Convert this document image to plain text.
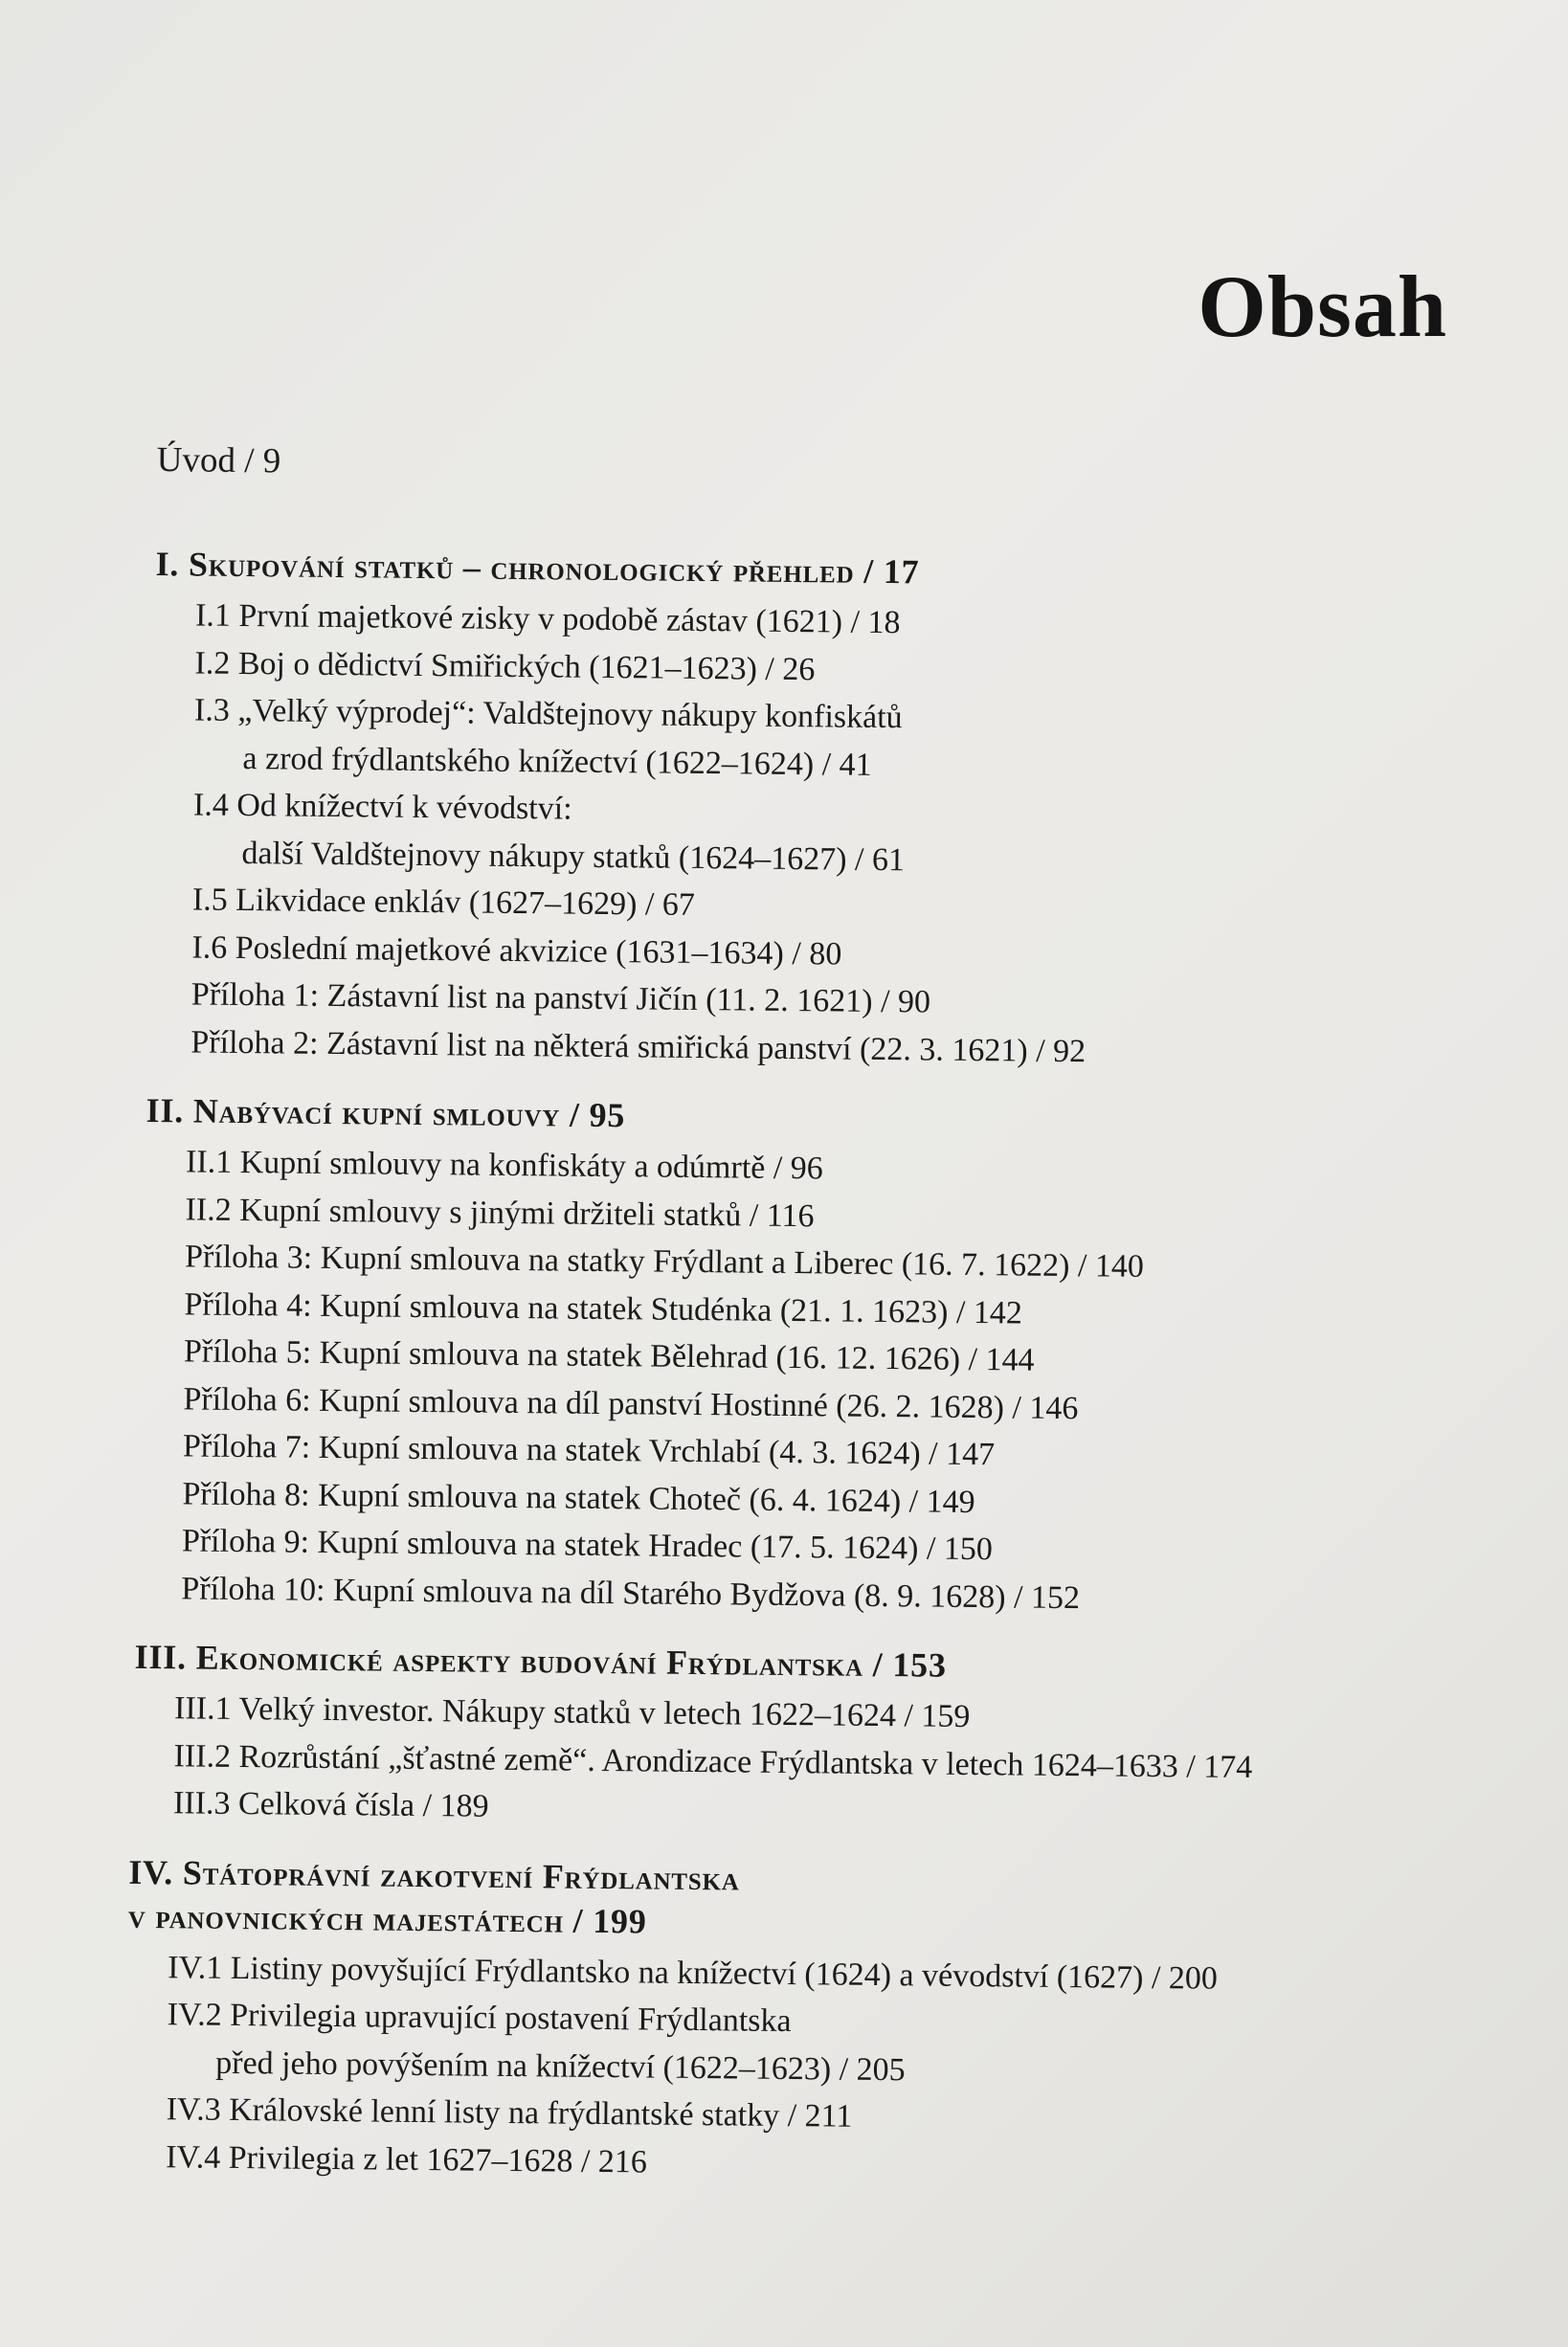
Obsah
Úvod / 9
I. Skupování statků – chronologický přehled / 17
I.1 První majetkové zisky v podobě zástav (1621) / 18
I.2 Boj o dědictví Smiřických (1621–1623) / 26
I.3 „Velký výprodej“: Valdštejnovy nákupy konfiskátů
a zrod frýdlantského knížectví (1622–1624) / 41
I.4 Od knížectví k vévodství:
další Valdštejnovy nákupy statků (1624–1627) / 61
I.5 Likvidace enkláv (1627–1629) / 67
I.6 Poslední majetkové akvizice (1631–1634) / 80
Příloha 1: Zástavní list na panství Jičín (11. 2. 1621) / 90
Příloha 2: Zástavní list na některá smiřická panství (22. 3. 1621) / 92
II. Nabývací kupní smlouvy / 95
II.1 Kupní smlouvy na konfiskáty a odúmrtě / 96
II.2 Kupní smlouvy s jinými držiteli statků / 116
Příloha 3: Kupní smlouva na statky Frýdlant a Liberec (16. 7. 1622) / 140
Příloha 4: Kupní smlouva na statek Studénka (21. 1. 1623) / 142
Příloha 5: Kupní smlouva na statek Bělehrad (16. 12. 1626) / 144
Příloha 6: Kupní smlouva na díl panství Hostinné (26. 2. 1628) / 146
Příloha 7: Kupní smlouva na statek Vrchlabí (4. 3. 1624) / 147
Příloha 8: Kupní smlouva na statek Choteč (6. 4. 1624) / 149
Příloha 9: Kupní smlouva na statek Hradec (17. 5. 1624) / 150
Příloha 10: Kupní smlouva na díl Starého Bydžova (8. 9. 1628) / 152
III. Ekonomické aspekty budování Frýdlantska / 153
III.1 Velký investor. Nákupy statků v letech 1622–1624 / 159
III.2 Rozrůstání „šťastné země“. Arondizace Frýdlantska v letech 1624–1633 / 174
III.3 Celková čísla / 189
IV. Státoprávní zakotvení Frýdlantska
v panovnických majestátech / 199
IV.1 Listiny povyšující Frýdlantsko na knížectví (1624) a vévodství (1627) / 200
IV.2 Privilegia upravující postavení Frýdlantska
před jeho povýšením na knížectví (1622–1623) / 205
IV.3 Královské lenní listy na frýdlantské statky / 211
IV.4 Privilegia z let 1627–1628 / 216
